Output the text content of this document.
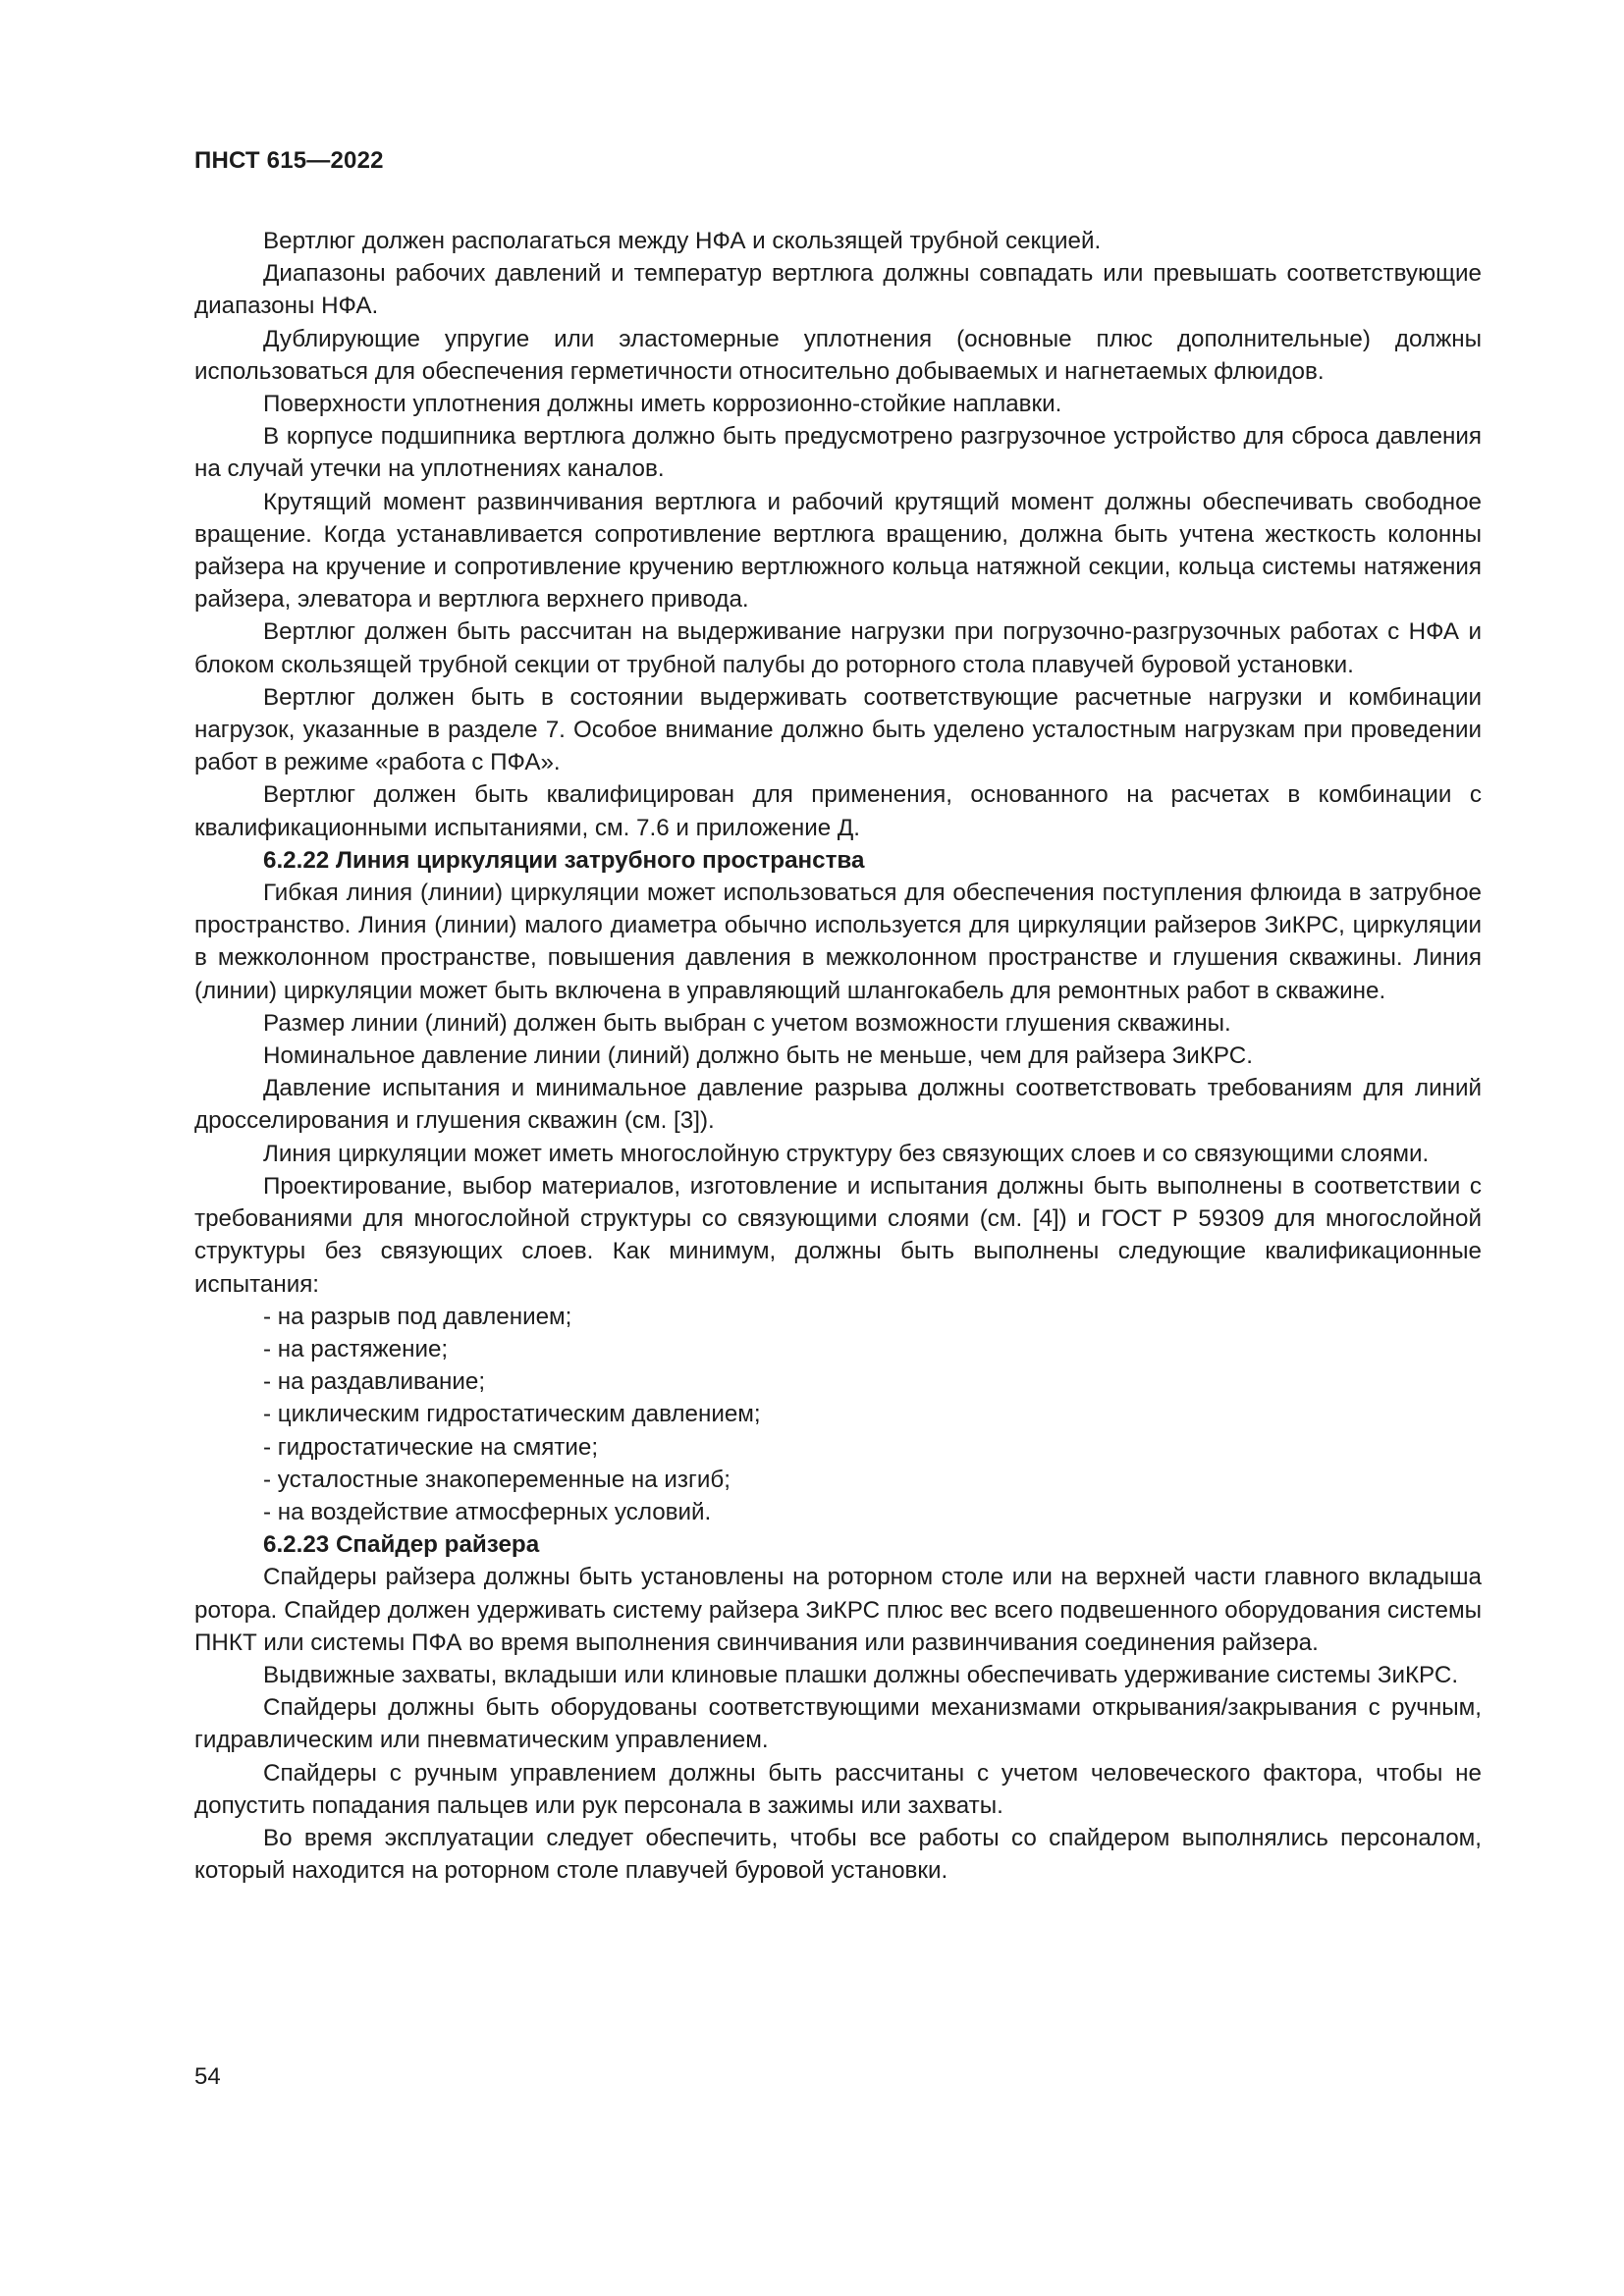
ПНСТ 615—2022

Вертлюг должен располагаться между НФА и скользящей трубной секцией.

Диапазоны рабочих давлений и температур вертлюга должны совпадать или превышать соответствующие диапазоны НФА.

Дублирующие упругие или эластомерные уплотнения (основные плюс дополнительные) должны использоваться для обеспечения герметичности относительно добываемых и нагнетаемых флюидов.

Поверхности уплотнения должны иметь коррозионно-стойкие наплавки.

В корпусе подшипника вертлюга должно быть предусмотрено разгрузочное устройство для сброса давления на случай утечки на уплотнениях каналов.

Крутящий момент развинчивания вертлюга и рабочий крутящий момент должны обеспечивать свободное вращение. Когда устанавливается сопротивление вертлюга вращению, должна быть учтена жесткость колонны райзера на кручение и сопротивление кручению вертлюжного кольца натяжной секции, кольца системы натяжения райзера, элеватора и вертлюга верхнего привода.

Вертлюг должен быть рассчитан на выдерживание нагрузки при погрузочно-разгрузочных работах с НФА и блоком скользящей трубной секции от трубной палубы до роторного стола плавучей буровой установки.

Вертлюг должен быть в состоянии выдерживать соответствующие расчетные нагрузки и комбинации нагрузок, указанные в разделе 7. Особое внимание должно быть уделено усталостным нагрузкам при проведении работ в режиме «работа с ПФА».

Вертлюг должен быть квалифицирован для применения, основанного на расчетах в комбинации с квалификационными испытаниями, см. 7.6 и приложение Д.

6.2.22 Линия циркуляции затрубного пространства

Гибкая линия (линии) циркуляции может использоваться для обеспечения поступления флюида в затрубное пространство. Линия (линии) малого диаметра обычно используется для циркуляции райзеров ЗиКРС, циркуляции в межколонном пространстве, повышения давления в межколонном пространстве и глушения скважины. Линия (линии) циркуляции может быть включена в управляющий шлангокабель для ремонтных работ в скважине.

Размер линии (линий) должен быть выбран с учетом возможности глушения скважины.

Номинальное давление линии (линий) должно быть не меньше, чем для райзера ЗиКРС.

Давление испытания и минимальное давление разрыва должны соответствовать требованиям для линий дросселирования и глушения скважин (см. [3]).

Линия циркуляции может иметь многослойную структуру без связующих слоев и со связующими слоями.

Проектирование, выбор материалов, изготовление и испытания должны быть выполнены в соответствии с требованиями для многослойной структуры со связующими слоями (см. [4]) и ГОСТ Р 59309 для многослойной структуры без связующих слоев. Как минимум, должны быть выполнены следующие квалификационные испытания:

- на разрыв под давлением;
- на растяжение;
- на раздавливание;
- циклическим гидростатическим давлением;
- гидростатические на смятие;
- усталостные знакопеременные на изгиб;
- на воздействие атмосферных условий.
6.2.23 Спайдер райзера

Спайдеры райзера должны быть установлены на роторном столе или на верхней части главного вкладыша ротора. Спайдер должен удерживать систему райзера ЗиКРС плюс вес всего подвешенного оборудования системы ПНКТ или системы ПФА во время выполнения свинчивания или развинчивания соединения райзера.

Выдвижные захваты, вкладыши или клиновые плашки должны обеспечивать удерживание системы ЗиКРС.

Спайдеры должны быть оборудованы соответствующими механизмами открывания/закрывания с ручным, гидравлическим или пневматическим управлением.

Спайдеры с ручным управлением должны быть рассчитаны с учетом человеческого фактора, чтобы не допустить попадания пальцев или рук персонала в зажимы или захваты.

Во время эксплуатации следует обеспечить, чтобы все работы со спайдером выполнялись персоналом, который находится на роторном столе плавучей буровой установки.

54
